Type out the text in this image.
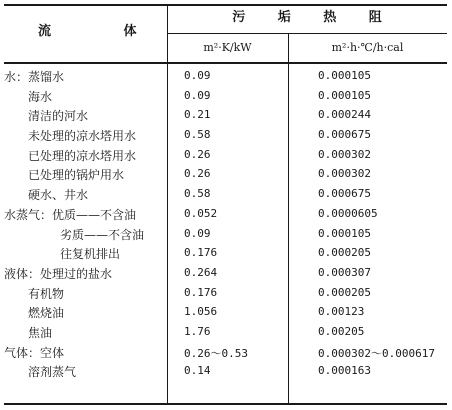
流 体
污 垢 热 阻
m²·K/kW	m²·h·℃/h·cal
水：蒸馏水	0.09	0.000105
海水	0.09	0.000105
清洁的河水	0.21	0.000244
未处理的凉水塔用水	0.58	0.000675
已处理的凉水塔用水	0.26	0.000302
已处理的锅炉用水	0.26	0.000302
硬水、井水	0.58	0.000675
水蒸气：优质——不含油	0.052	0.0000605
劣质——不含油	0.09	0.000105
往复机排出	0.176	0.000205
液体：处理过的盐水	0.264	0.000307
有机物	0.176	0.000205
燃烧油	1.056	0.00123
焦油	1.76	0.00205
气体：空体	0.26～0.53	0.000302～0.000617
溶剂蒸气	0.14	0.000163
